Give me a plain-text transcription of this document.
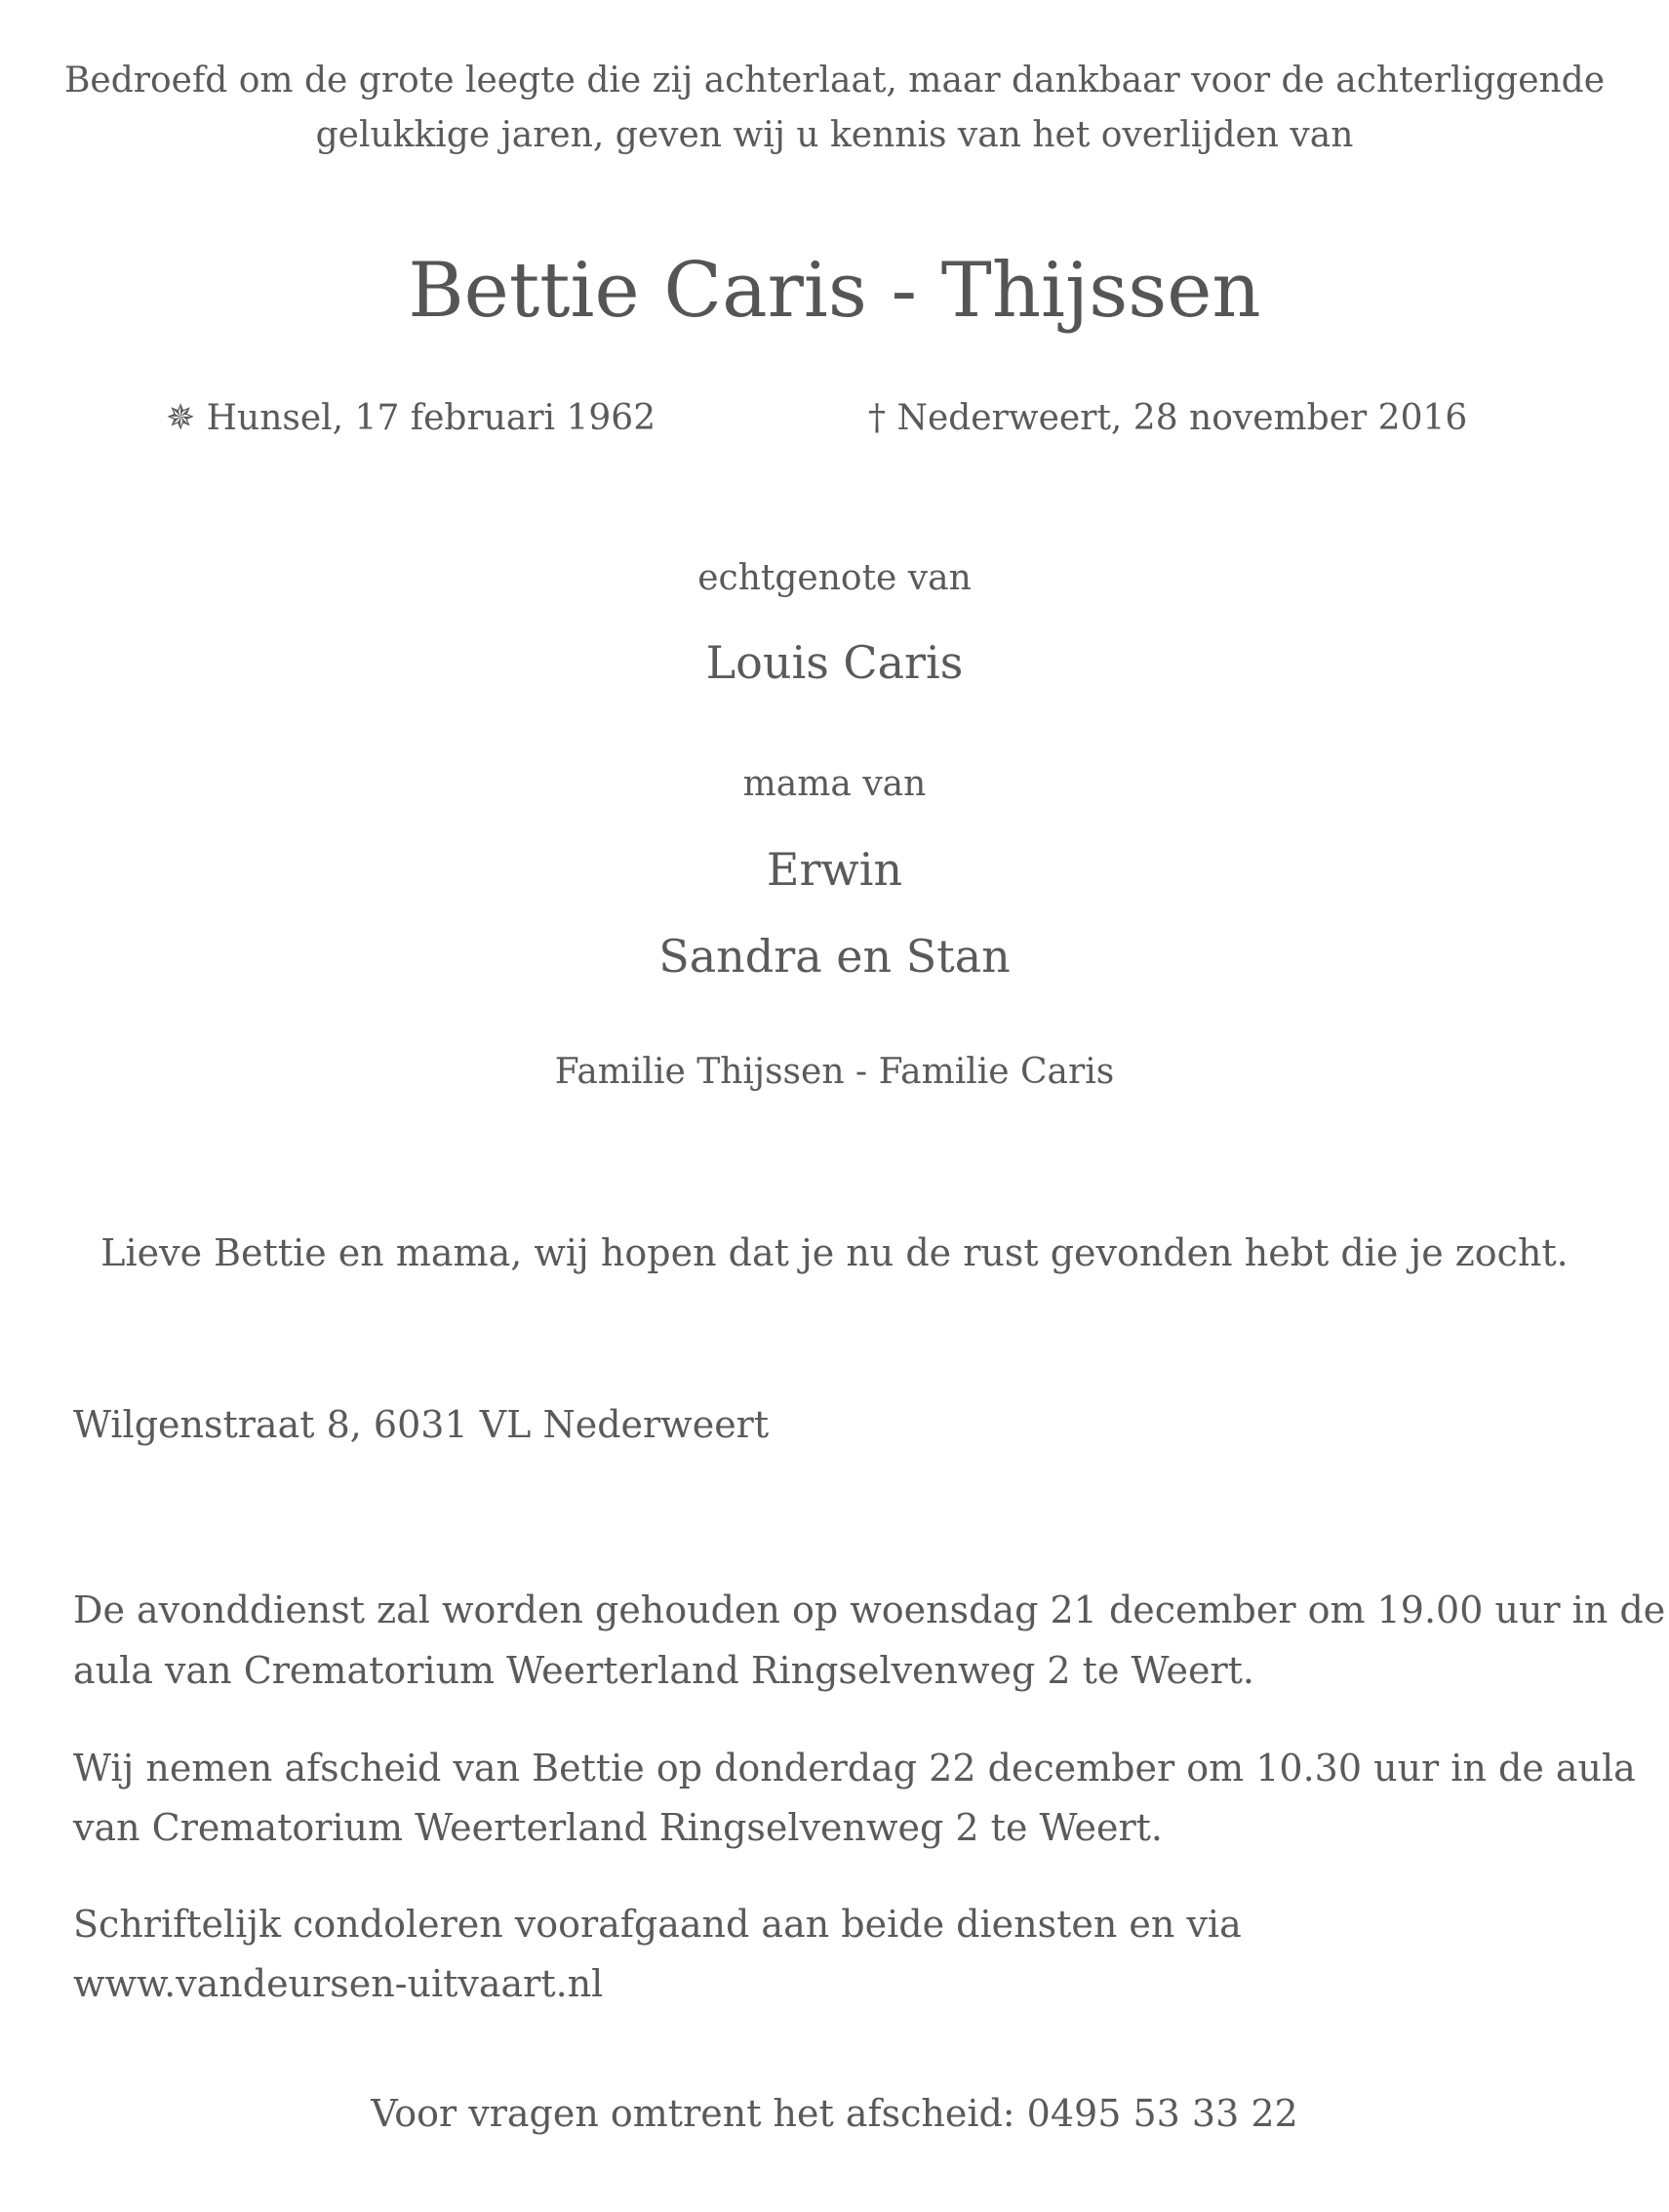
Bedroefd om de grote leegte die zij achterlaat, maar dankbaar voor de achterliggende

gelukkige jaren, geven wij u kennis van het overlijden van

Bettie Caris - Thijssen

✵ Hunsel, 17 februari 1962	† Nederweert, 28 november 2016

echtgenote van

Louis Caris

mama van

Erwin

Sandra en Stan

Familie Thijssen - Familie Caris

Lieve Bettie en mama, wij hopen dat je nu de rust gevonden hebt die je zocht.

Wilgenstraat 8, 6031 VL Nederweert

De avonddienst zal worden gehouden op woensdag 21 december om 19.00 uur in de

aula van Crematorium Weerterland Ringselvenweg 2 te Weert.

Wij nemen afscheid van Bettie op donderdag 22 december om 10.30 uur in de aula

van Crematorium Weerterland Ringselvenweg 2 te Weert.

Schriftelijk condoleren voorafgaand aan beide diensten en via

www.vandeursen-uitvaart.nl

Voor vragen omtrent het afscheid: 0495 53 33 22
